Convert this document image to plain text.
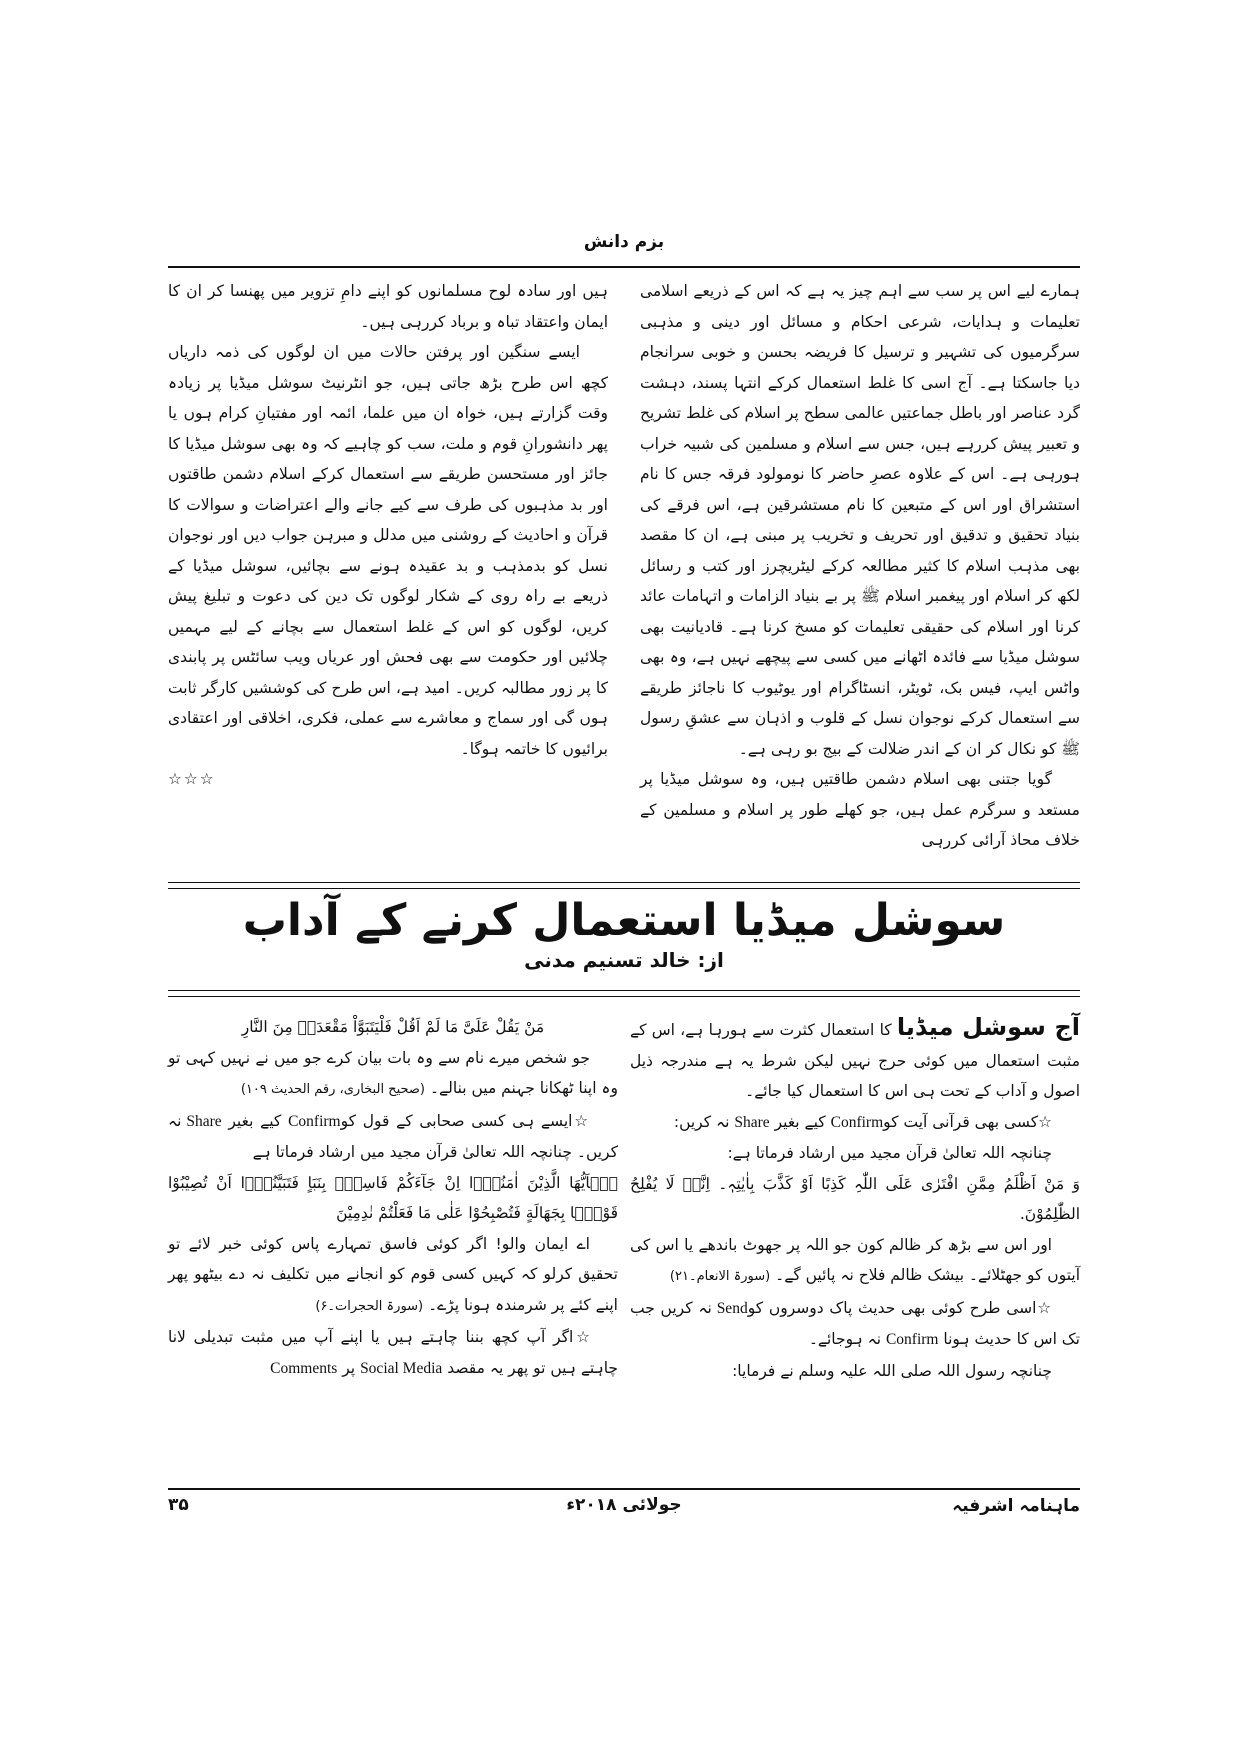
بزم دانش

ہمارے لیے اس پر سب سے اہم چیز یہ ہے کہ اس کے ذریعے اسلامی تعلیمات و ہدایات، شرعی احکام و مسائل اور دینی و مذہبی سرگرمیوں کی تشہیر و ترسیل کا فریضہ بحسن و خوبی سرانجام دیا جاسکتا ہے۔ آج اسی کا غلط استعمال کرکے انتہا پسند، دہشت گرد عناصر اور باطل جماعتیں عالمی سطح پر اسلام کی غلط تشریح و تعبیر پیش کررہے ہیں، جس سے اسلام و مسلمین کی شبیہ خراب ہورہی ہے۔ اس کے علاوہ عصرِ حاضر کا نومولود فرقہ جس کا نام استشراق اور اس کے متبعین کا نام مستشرقین ہے، اس فرقے کی بنیاد تحقیق و تدقیق اور تحریف و تخریب پر مبنی ہے، ان کا مقصد بھی مذہب اسلام کا کثیر مطالعہ کرکے لیٹریچرز اور کتب و رسائل لکھ کر اسلام اور پیغمبر اسلام ﷺ پر بے بنیاد الزامات و اتہامات عائد کرنا اور اسلام کی حقیقی تعلیمات کو مسخ کرنا ہے۔ قادیانیت بھی سوشل میڈیا سے فائدہ اٹھانے میں کسی سے پیچھے نہیں ہے، وہ بھی واٹس ایپ، فیس بک، ٹویٹر، انسٹاگرام اور یوٹیوب کا ناجائز طریقے سے استعمال کرکے نوجوان نسل کے قلوب و اذہان سے عشقِ رسول ﷺ کو نکال کر ان کے اندر ضلالت کے بیج بو رہی ہے۔

گویا جتنی بھی اسلام دشمن طاقتیں ہیں، وہ سوشل میڈیا پر مستعد و سرگرم عمل ہیں، جو کھلے طور پر اسلام و مسلمین کے خلاف محاذ آرائی کررہی

ہیں اور سادہ لوح مسلمانوں کو اپنے دامِ تزویر میں پھنسا کر ان کا ایمان واعتقاد تباہ و برباد کررہی ہیں۔

ایسے سنگین اور پرفتن حالات میں ان لوگوں کی ذمہ داریاں کچھ اس طرح بڑھ جاتی ہیں، جو انٹرنیٹ سوشل میڈیا پر زیادہ وقت گزارتے ہیں، خواہ ان میں علما، ائمہ اور مفتیانِ کرام ہوں یا پھر دانشورانِ قوم و ملت، سب کو چاہیے کہ وہ بھی سوشل میڈیا کا جائز اور مستحسن طریقے سے استعمال کرکے اسلام دشمن طاقتوں اور بد مذہبوں کی طرف سے کیے جانے والے اعتراضات و سوالات کا قرآن و احادیث کے روشنی میں مدلل و مبرہن جواب دیں اور نوجوان نسل کو بدمذہب و بد عقیدہ ہونے سے بچائیں، سوشل میڈیا کے ذریعے بے راہ روی کے شکار لوگوں تک دین کی دعوت و تبلیغ پیش کریں، لوگوں کو اس کے غلط استعمال سے بچانے کے لیے مہمیں چلائیں اور حکومت سے بھی فحش اور عریاں ویب سائٹس پر پابندی کا پر زور مطالبہ کریں۔ امید ہے، اس طرح کی کوششیں کارگر ثابت ہوں گی اور سماج و معاشرے سے عملی، فکری، اخلاقی اور اعتقادی برائیوں کا خاتمہ ہوگا۔

☆☆☆

سوشل میڈیا استعمال کرنے کے آداب
از: خالد تسنیم مدنی

آج سوشل میڈیا کا استعمال کثرت سے ہورہا ہے، اس کے مثبت استعمال میں کوئی حرج نہیں لیکن شرط یہ ہے مندرجہ ذیل اصول و آداب کے تحت ہی اس کا استعمال کیا جائے۔

☆کسی بھی قرآنی آیت کوConfirm کیے بغیر Share نہ کریں:

چنانچہ اللہ تعالیٰ قرآن مجید میں ارشاد فرماتا ہے:

وَ مَنْ اَظْلَمُ مِمَّنِ افْتَرٰی عَلَی اللّٰہِ کَذِبًا اَوْ کَذَّبَ بِاٰیٰتِہٖ۔ اِنَّہٗ لَا یُفْلِحُ الظّٰلِمُوْنَ.

اور اس سے بڑھ کر ظالم کون جو اللہ پر جھوٹ باندھے یا اس کی آیتوں کو جھٹلائے۔ بیشک ظالم فلاح نہ پائیں گے۔ (سورۃ الانعام۔۲۱)

☆اسی طرح کوئی بھی حدیث پاک دوسروں کوSend نہ کریں جب تک اس کا حدیث ہونا Confirm نہ ہوجائے۔

چنانچہ رسول اللہ صلی اللہ علیہ وسلم نے فرمایا:

مَنْ یَقُلْ عَلَیَّ مَا لَمْ اَقُلْ فَلْیَتَبَوَّاْ مَقْعَدَہٗ مِنَ النَّارِ

جو شخص میرے نام سے وہ بات بیان کرے جو میں نے نہیں کہی تو وہ اپنا ٹھکانا جہنم میں بنالے۔ (صحیح البخاری، رقم الحدیث ۱۰۹)

☆ایسے ہی کسی صحابی کے قول کوConfirm کیے بغیر Share نہ کریں۔ چنانچہ اللہ تعالیٰ قرآن مجید میں ارشاد فرماتا ہے

یٰۤاَیُّهَا الَّذِیْنَ اٰمَنُوْۤا اِنْ جَآءَكُمْ فَاسِقٌۢ بِنَبَاٍ فَتَبَیَّنُوْۤا اَنْ تُصِیْبُوْا قَوْمًۢا بِجَهَالَةٍ فَتُصْبِحُوْا عَلٰى مَا فَعَلْتُمْ نٰدِمِیْنَ

اے ایمان والو! اگر کوئی فاسق تمہارے پاس کوئی خبر لائے تو تحقیق کرلو کہ کہیں کسی قوم کو انجانے میں تکلیف نہ دے بیٹھو پھر اپنے کئے پر شرمندہ ہونا پڑے۔ (سورۃ الحجرات۔۶)

☆اگر آپ کچھ بننا چاہتے ہیں یا اپنے آپ میں مثبت تبدیلی لانا چاہتے ہیں تو پھر یہ مقصد Social Media پر Comments

ماہنامہ اشرفیہ
جولائی ۲۰۱۸ء
۳۵
